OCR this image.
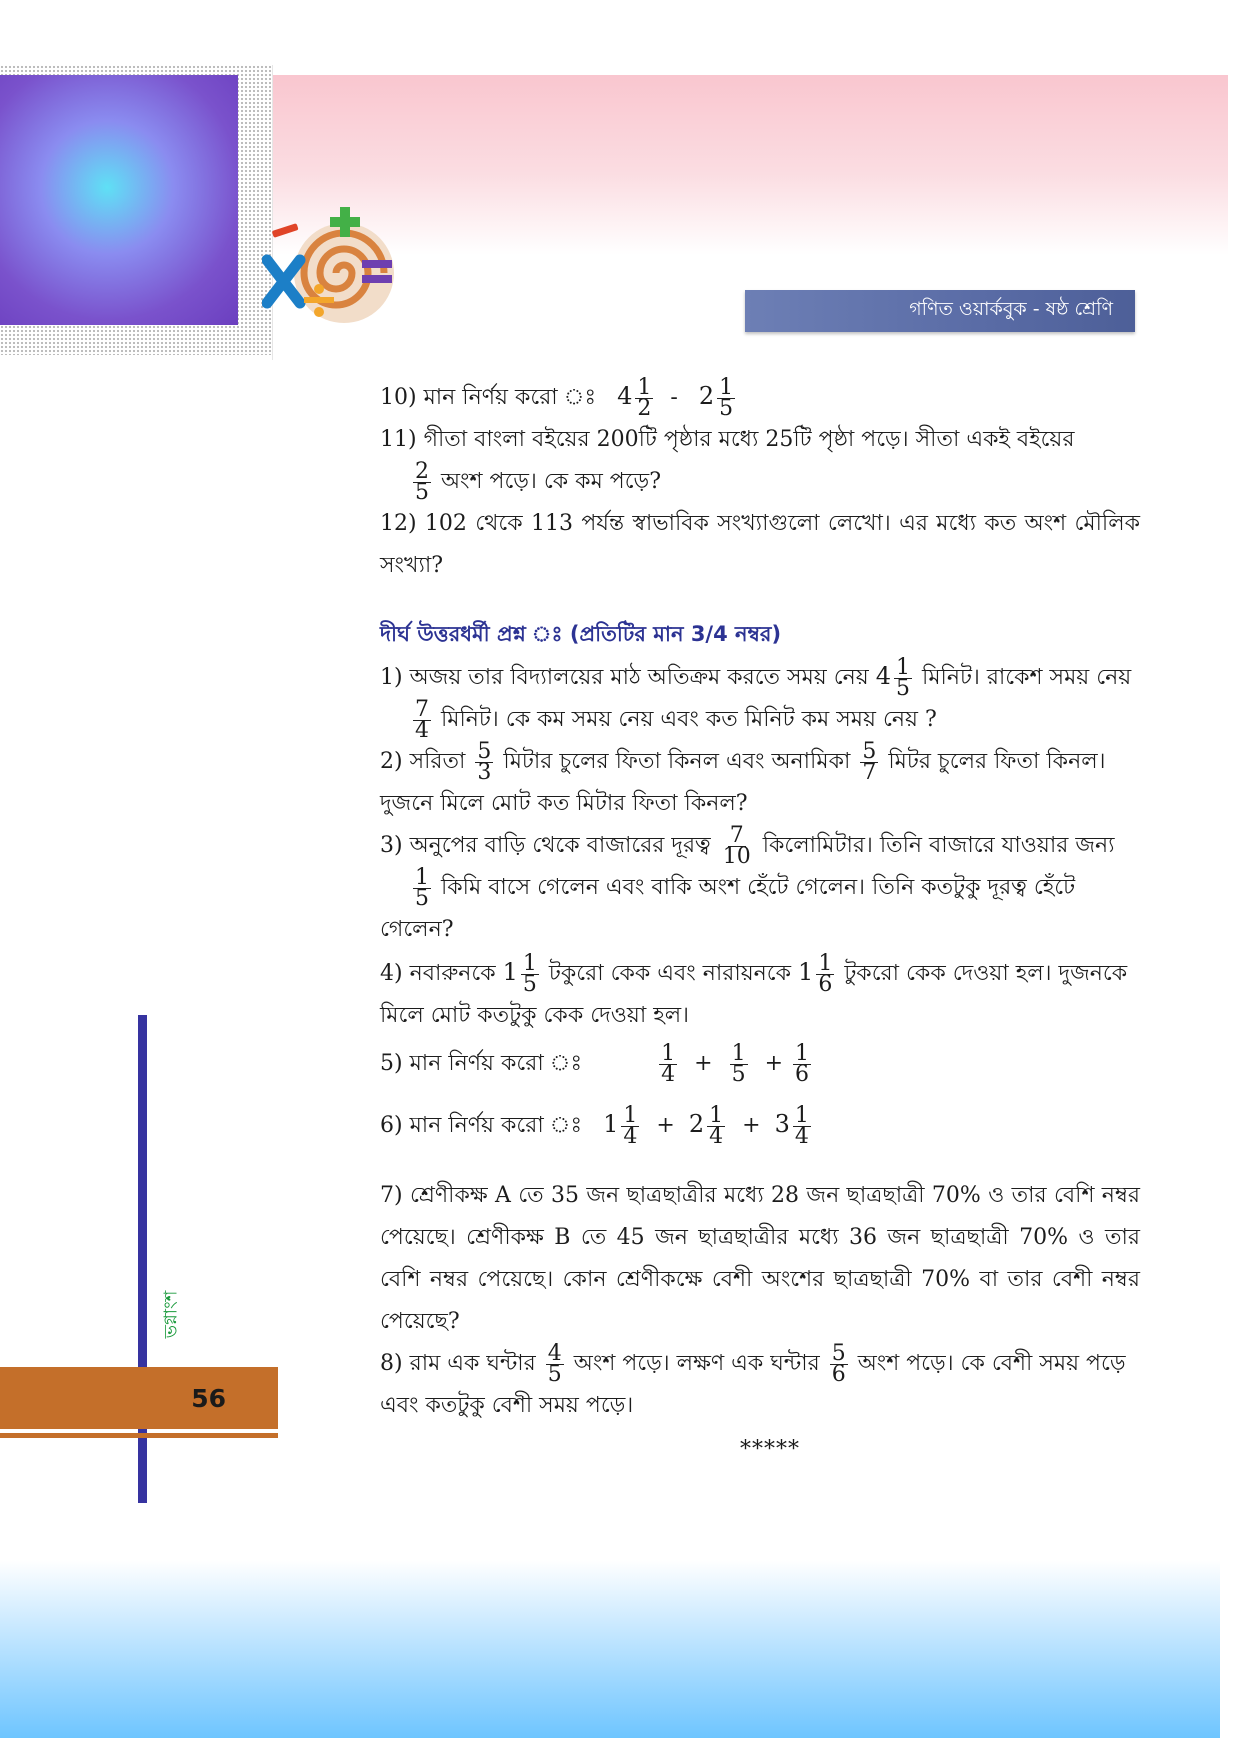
গণিত ওয়ার্কবুক - ষষ্ঠ শ্রেণি
ভগ্নাংশ
56

10) মান নির্ণয় করো ঃ $4 \frac{1}{2} - 2 \frac{1}{5}$

11) গীতা বাংলা বইয়ের 200টি পৃষ্ঠার মধ্যে 25টি পৃষ্ঠা পড়ে। সীতা একই বইয়ের

$\frac{2}{5}$ অংশ পড়ে। কে কম পড়ে?

12) 102 থেকে 113 পর্যন্ত স্বাভাবিক সংখ্যাগুলো লেখো। এর মধ্যে কত অংশ মৌলিক সংখ্যা?

দীর্ঘ উত্তরধর্মী প্রশ্ন ঃ (প্রতিটির মান 3/4 নম্বর)

1) অজয় তার বিদ্যালয়ের মাঠ অতিক্রম করতে সময় নেয় $4 \frac{1}{5}$ মিনিট। রাকেশ সময় নেয়

$\frac{7}{4}$ মিনিট। কে কম সময় নেয় এবং কত মিনিট কম সময় নেয় ?

2) সরিতা $\frac{5}{3}$ মিটার চুলের ফিতা কিনল এবং অনামিকা $\frac{5}{7}$ মিটর চুলের ফিতা কিনল।

দুজনে মিলে মোট কত মিটার ফিতা কিনল?

3) অনুপের বাড়ি থেকে বাজারের দূরত্ব $\frac{7}{10}$ কিলোমিটার। তিনি বাজারে যাওয়ার জন্য

$\frac{1}{5}$ কিমি বাসে গেলেন এবং বাকি অংশ হেঁটে গেলেন। তিনি কতটুকু দূরত্ব হেঁটে

গেলেন?

4) নবারুনকে $1 \frac{1}{5}$ টকুরো কেক এবং নারায়নকে $1 \frac{1}{6}$ টুকরো কেক দেওয়া হল। দুজনকে

মিলে মোট কতটুকু কেক দেওয়া হল।

5) মান নির্ণয় করো ঃ	$\frac{1}{4} + \frac{1}{5} + \frac{1}{6}$

6) মান নির্ণয় করো ঃ $1 \frac{1}{4} + 2 \frac{1}{4} + 3 \frac{1}{4}$

7) শ্রেণীকক্ষ A তে 35 জন ছাত্রছাত্রীর মধ্যে 28 জন ছাত্রছাত্রী 70% ও তার বেশি নম্বর পেয়েছে। শ্রেণীকক্ষ B তে 45 জন ছাত্রছাত্রীর মধ্যে 36 জন ছাত্রছাত্রী 70% ও তার বেশি নম্বর পেয়েছে। কোন শ্রেণীকক্ষে বেশী অংশের ছাত্রছাত্রী 70% বা তার বেশী নম্বর পেয়েছে?

8) রাম এক ঘন্টার $\frac{4}{5}$ অংশ পড়ে। লক্ষণ এক ঘন্টার $\frac{5}{6}$ অংশ পড়ে। কে বেশী সময় পড়ে

এবং কতটুকু বেশী সময় পড়ে।

*****
